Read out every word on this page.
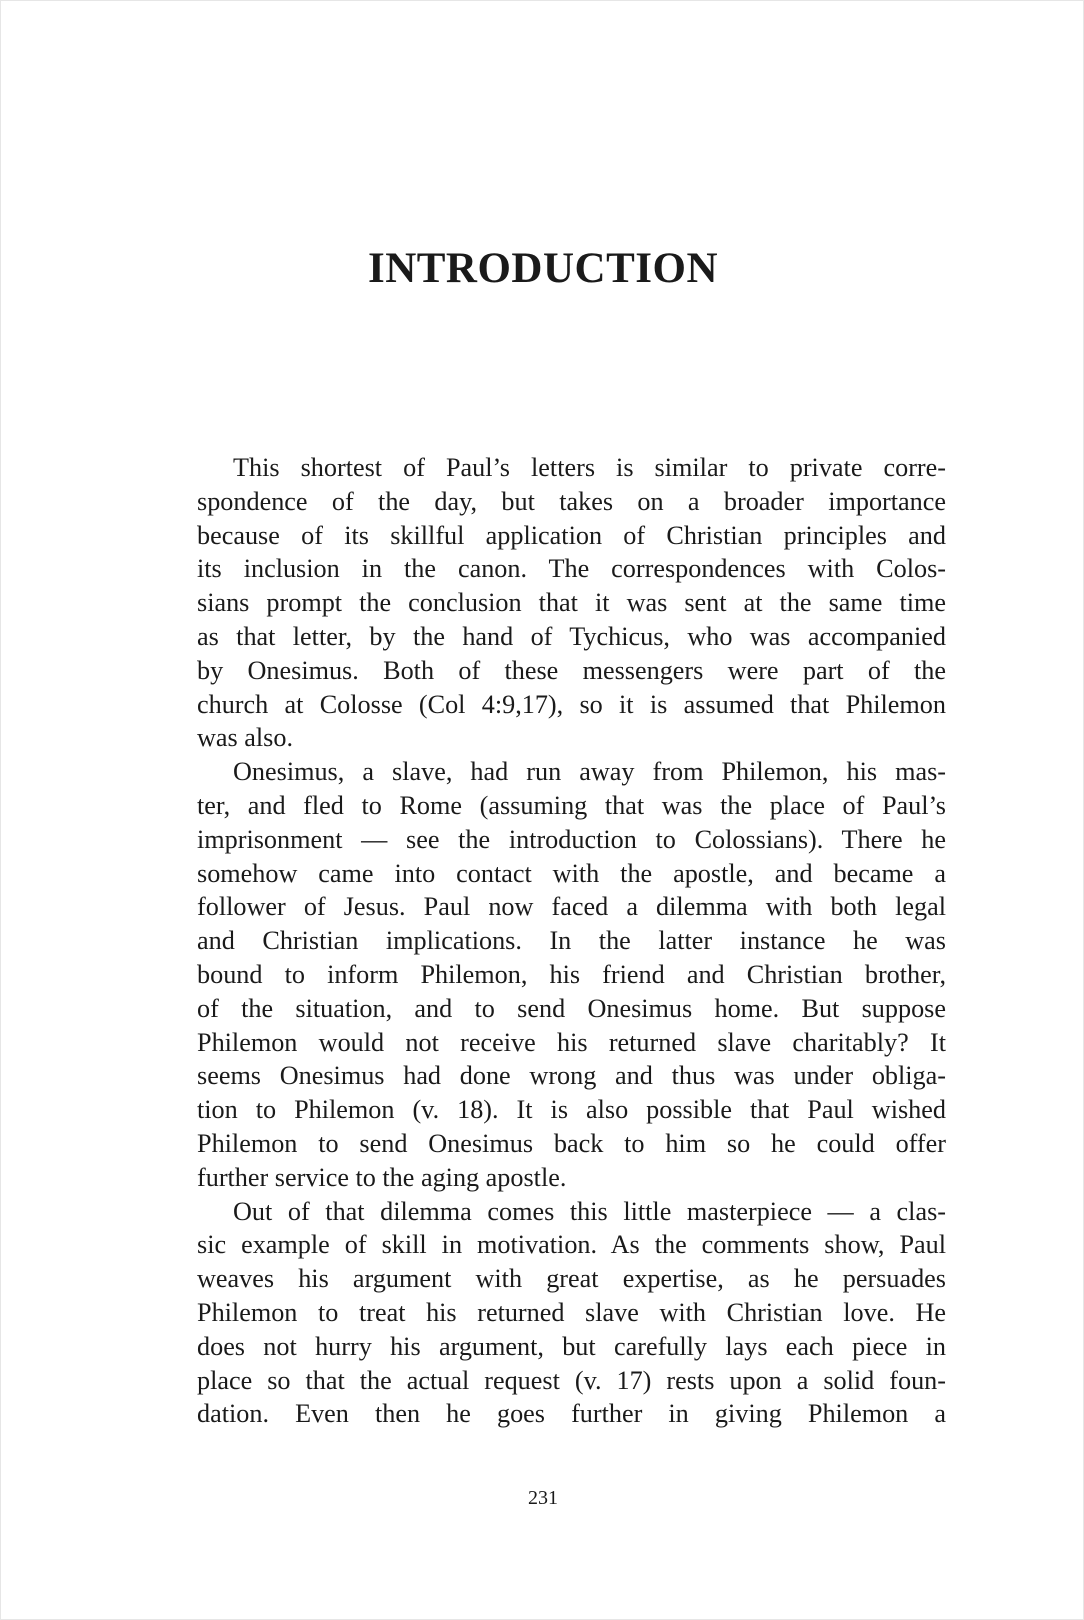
INTRODUCTION
This shortest of Paul’s letters is similar to private corre-
spondence of the day, but takes on a broader importance
because of its skillful application of Christian principles and
its inclusion in the canon. The correspondences with Colos-
sians prompt the conclusion that it was sent at the same time
as that letter, by the hand of Tychicus, who was accompanied
by Onesimus. Both of these messengers were part of the
church at Colosse (Col 4:9,17), so it is assumed that Philemon
was also.
Onesimus, a slave, had run away from Philemon, his mas-
ter, and fled to Rome (assuming that was the place of Paul’s
imprisonment — see the introduction to Colossians). There he
somehow came into contact with the apostle, and became a
follower of Jesus. Paul now faced a dilemma with both legal
and Christian implications. In the latter instance he was
bound to inform Philemon, his friend and Christian brother,
of the situation, and to send Onesimus home. But suppose
Philemon would not receive his returned slave charitably? It
seems Onesimus had done wrong and thus was under obliga-
tion to Philemon (v. 18). It is also possible that Paul wished
Philemon to send Onesimus back to him so he could offer
further service to the aging apostle.
Out of that dilemma comes this little masterpiece — a clas-
sic example of skill in motivation. As the comments show, Paul
weaves his argument with great expertise, as he persuades
Philemon to treat his returned slave with Christian love. He
does not hurry his argument, but carefully lays each piece in
place so that the actual request (v. 17) rests upon a solid foun-
dation. Even then he goes further in giving Philemon a
231
